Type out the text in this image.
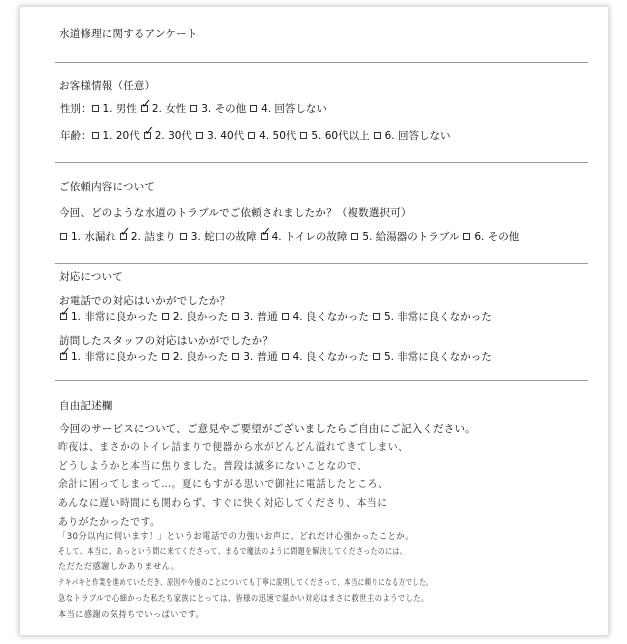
水道修理に関するアンケート
お客様情報（任意）
性別： 1. 男性 ✓ 2. 女性 3. その他 4. 回答しない
年齢： 1. 20代 ✓ 2. 30代 3. 40代 4. 50代 5. 60代以上 6. 回答しない
ご依頼内容について
今回、どのような水道のトラブルでご依頼されましたか？（複数選択可）
1. 水漏れ ✓ 2. 詰まり 3. 蛇口の故障 ✓ 4. トイレの故障 5. 給湯器のトラブル 6. その他
対応について
お電話での対応はいかがでしたか？
✓ 1. 非常に良かった 2. 良かった 3. 普通 4. 良くなかった 5. 非常に良くなかった
訪問したスタッフの対応はいかがでしたか？
✓ 1. 非常に良かった 2. 良かった 3. 普通 4. 良くなかった 5. 非常に良くなかった
自由記述欄
今回のサービスについて、ご意見やご要望がございましたらご自由にご記入ください。
昨夜は、まさかのトイレ詰まりで便器から水がどんどん溢れてきてしまい、
どうしようかと本当に焦りました。普段は滅多にないことなので、
余計に困ってしまって…。夏にもすがる思いで御社に電話したところ、
あんなに遅い時間にも関わらず、すぐに快く対応してくださり、本当に
ありがたかったです。
「30分以内に伺います！」というお電話での力強いお声に、どれだけ心強かったことか。
そして、本当に、あっという間に来てくださって、まるで魔法のように問題を解決してくださったのには、
ただただ感謝しかありません。
テキパキと作業を進めていただき、原因や今後のことについても丁寧に説明してくださって、本当に頼りになる方でした。
急なトラブルで心細かった私たち家族にとっては、皆様の迅速で温かい対応はまさに救世主のようでした。
本当に感謝の気持ちでいっぱいです。
